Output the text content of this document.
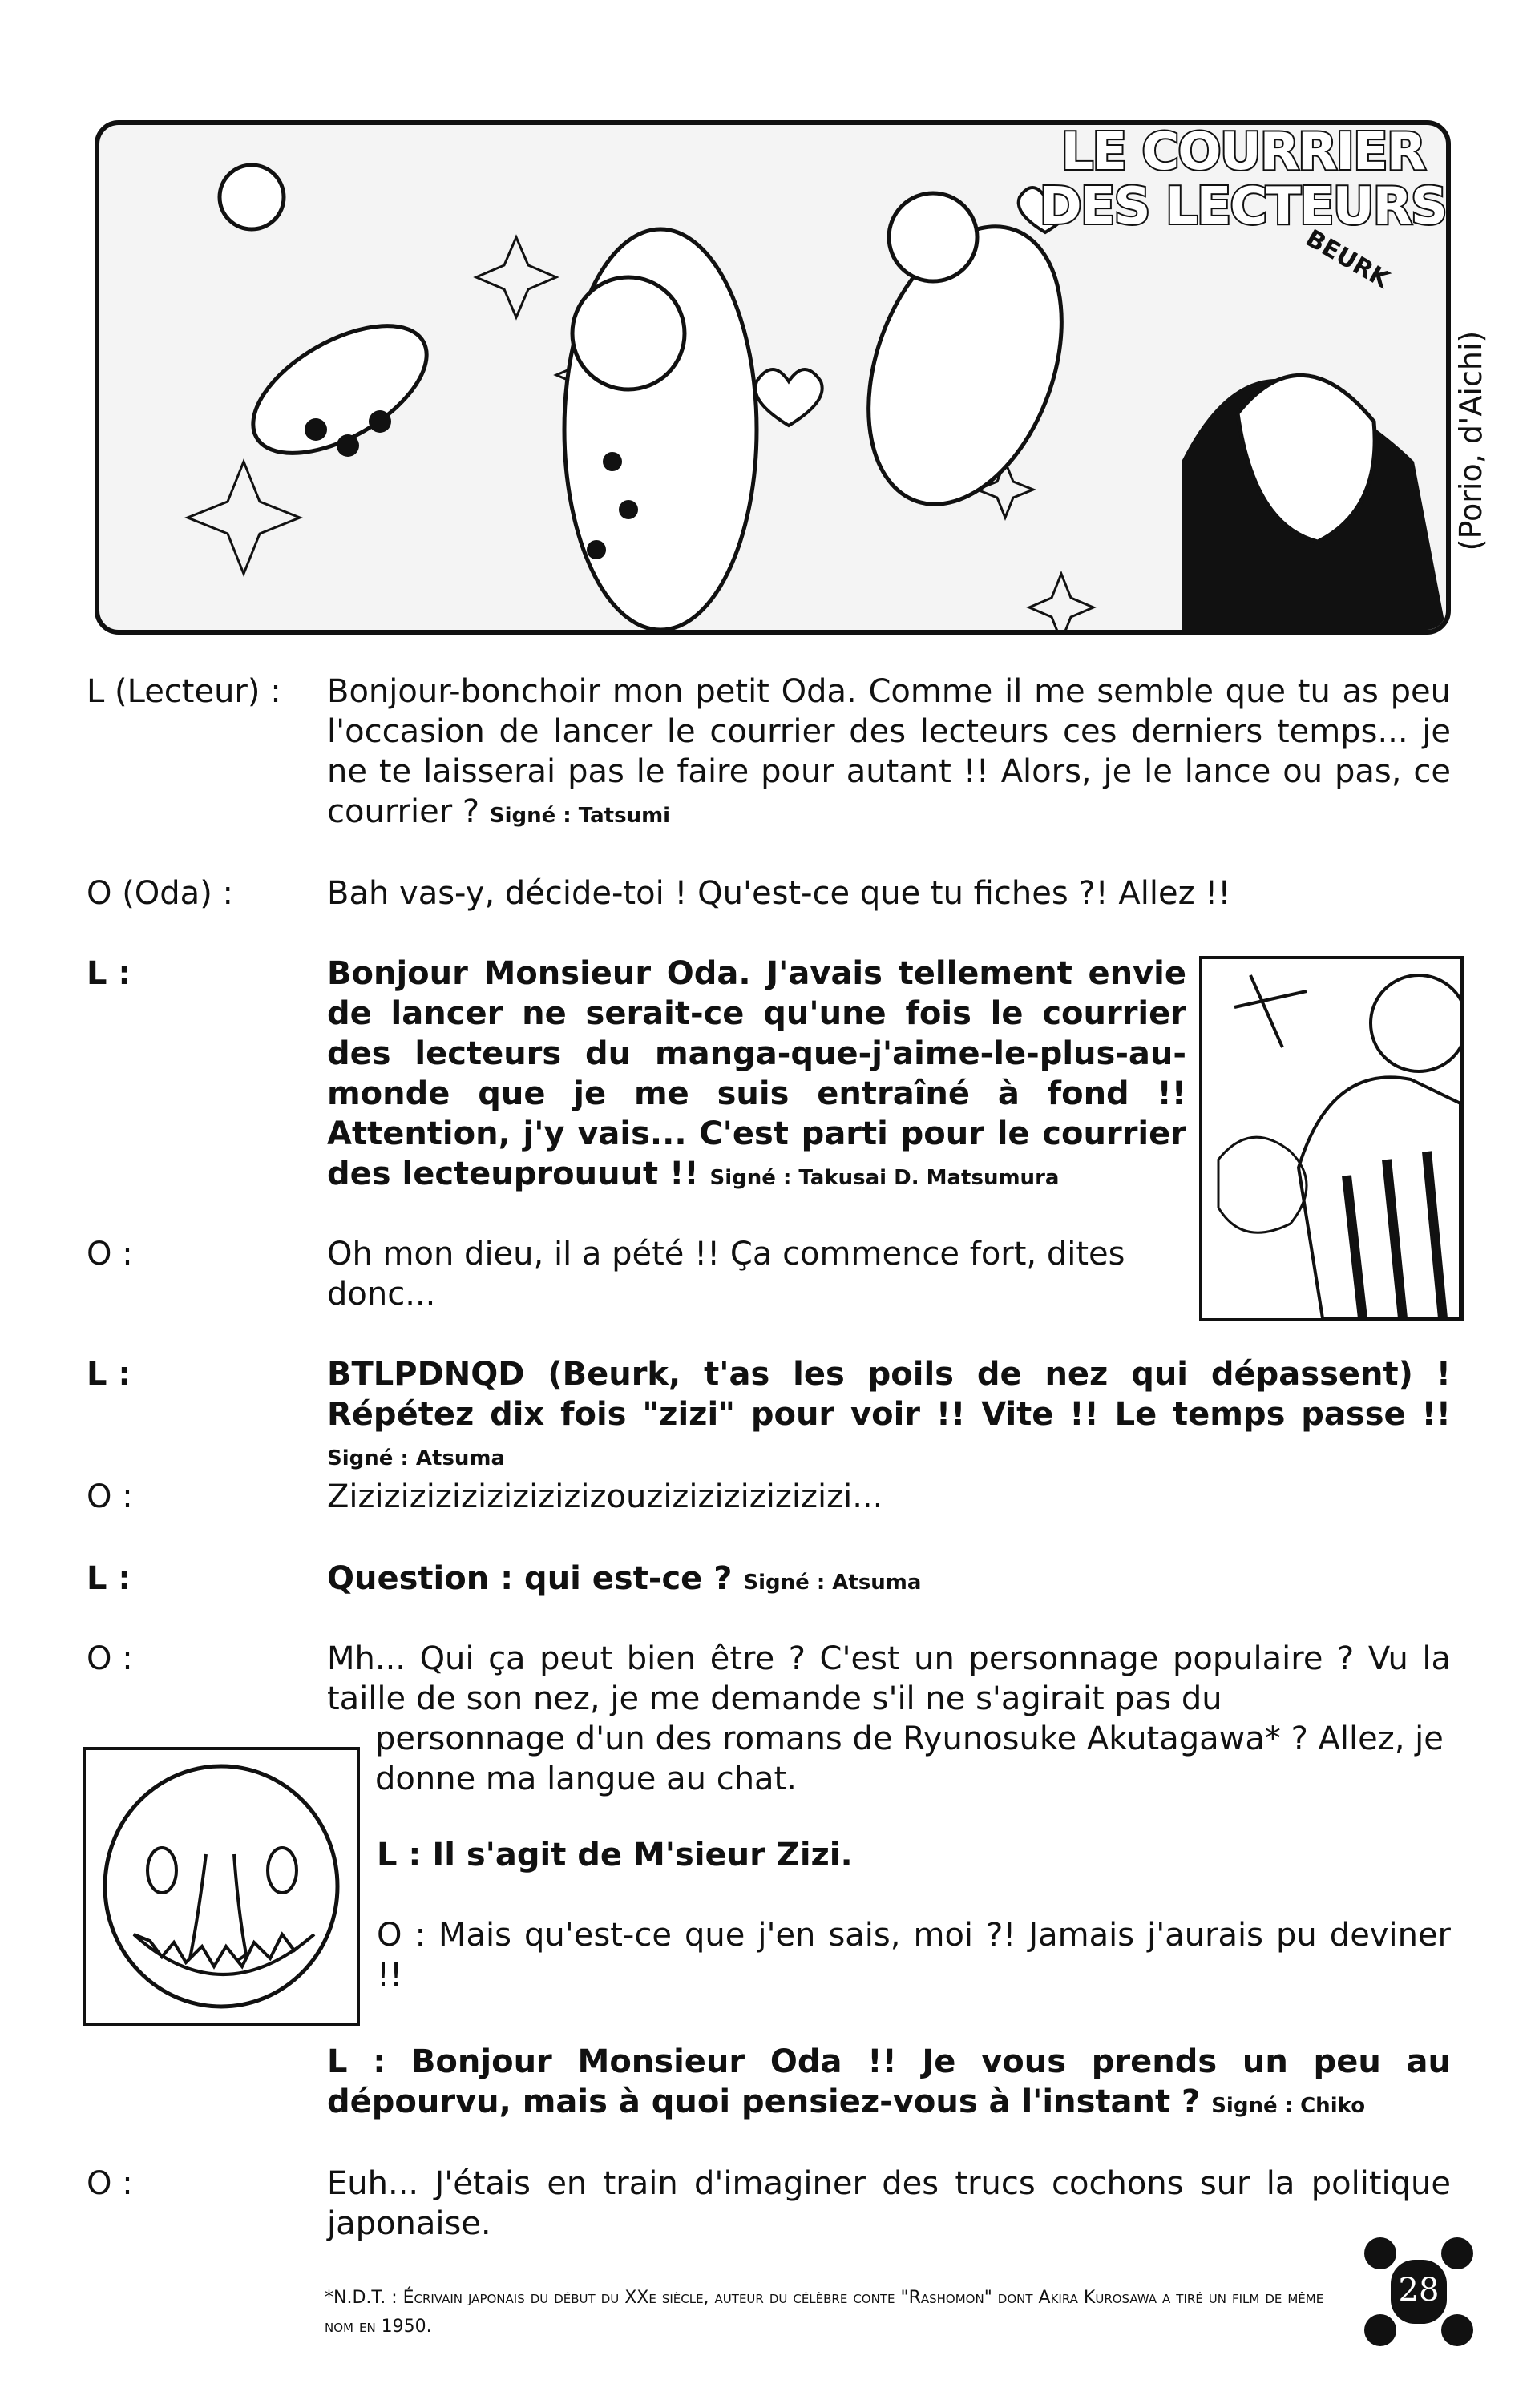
LE COURRIER
DES LECTEURS
BEURK
(Porio, d'Aichi)
L (Lecteur) : Bonjour-bonchoir mon petit Oda. Comme il me semble que tu as peu l'occasion de lancer le courrier des lecteurs ces derniers temps... je ne te laisserai pas le faire pour autant !! Alors, je le lance ou pas, ce courrier ? Signé : Tatsumi
O (Oda) :	Bah vas-y, décide-toi ! Qu'est-ce que tu fiches ?! Allez !!
L :	Bonjour Monsieur Oda. J'avais tellement envie de lancer ne serait-ce qu'une fois le courrier des lecteurs du manga-que-j'aime-le-plus-au-monde que je me suis entraîné à fond !! Attention, j'y vais... C'est parti pour le courrier des lecteuprouuut !! Signé : Takusai D. Matsumura
O :	Oh mon dieu, il a pété !! Ça commence fort, dites donc...
L :	BTLPDNQD (Beurk, t'as les poils de nez qui dépassent) ! Répétez dix fois "zizi" pour voir !! Vite !! Le temps passe !! Signé : Atsuma
O :	Zizizizizizizizizizizouzizizizizizizizi...
L :	Question : qui est-ce ? Signé : Atsuma
O :	Mh... Qui ça peut bien être ? C'est un personnage populaire ? Vu la taille de son nez, je me demande s'il ne s'agirait pas du
personnage d'un des romans de Ryunosuke Akutagawa* ? Allez, je donne ma langue au chat.
L : Il s'agit de M'sieur Zizi.
O : Mais qu'est-ce que j'en sais, moi ?! Jamais j'aurais pu deviner !!
L : Bonjour Monsieur Oda !! Je vous prends un peu au dépourvu, mais à quoi pensiez-vous à l'instant ? Signé : Chiko
O :	Euh... J'étais en train d'imaginer des trucs cochons sur la politique japonaise.
*N.D.T. : Écrivain japonais du début du XXe siècle, auteur du célèbre conte "Rashomon" dont Akira Kurosawa a tiré un film de même nom en 1950.
28
